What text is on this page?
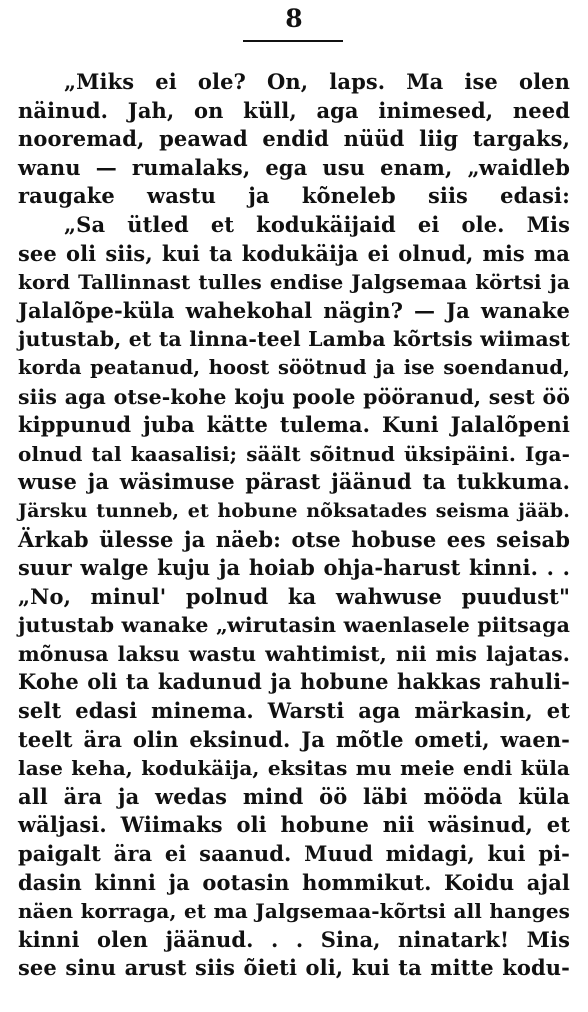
8
„Miks ei ole? On, laps. Ma ise olen
näinud. Jah, on küll, aga inimesed, need
nooremad, peawad endid nüüd liig targaks,
wanu — rumalaks, ega usu enam, „waidleb
raugake wastu ja kõneleb siis edasi:
„Sa ütled et kodukäijaid ei ole. Mis
see oli siis, kui ta kodukäija ei olnud, mis ma
kord Tallinnast tulles endise Jalgsemaa körtsi ja
Jalalõpe-küla wahekohal nägin? — Ja wanake
jutustab, et ta linna-teel Lamba kõrtsis wiimast
korda peatanud, hoost söötnud ja ise soendanud,
siis aga otse-kohe koju poole pööranud, sest öö
kippunud juba kätte tulema. Kuni Jalalõpeni
olnud tal kaasalisi; säält sõitnud üksipäini. Iga-
wuse ja wäsimuse pärast jäänud ta tukkuma.
Järsku tunneb, et hobune nõksatades seisma jääb.
Ärkab ülesse ja näeb: otse hobuse ees seisab
suur walge kuju ja hoiab ohja-harust kinni. . .
„No, minul' polnud ka wahwuse puudust"
jutustab wanake „wirutasin waenlasele piitsaga
mõnusa laksu wastu wahtimist, nii mis lajatas.
Kohe oli ta kadunud ja hobune hakkas rahuli-
selt edasi minema. Warsti aga märkasin, et
teelt ära olin eksinud. Ja mõtle ometi, waen-
lase keha, kodukäija, eksitas mu meie endi küla
all ära ja wedas mind öö läbi mööda küla
wäljasi. Wiimaks oli hobune nii wäsinud, et
paigalt ära ei saanud. Muud midagi, kui pi-
dasin kinni ja ootasin hommikut. Koidu ajal
näen korraga, et ma Jalgsemaa-kõrtsi all hanges
kinni olen jäänud. . . Sina, ninatark! Mis
see sinu arust siis õieti oli, kui ta mitte kodu-
